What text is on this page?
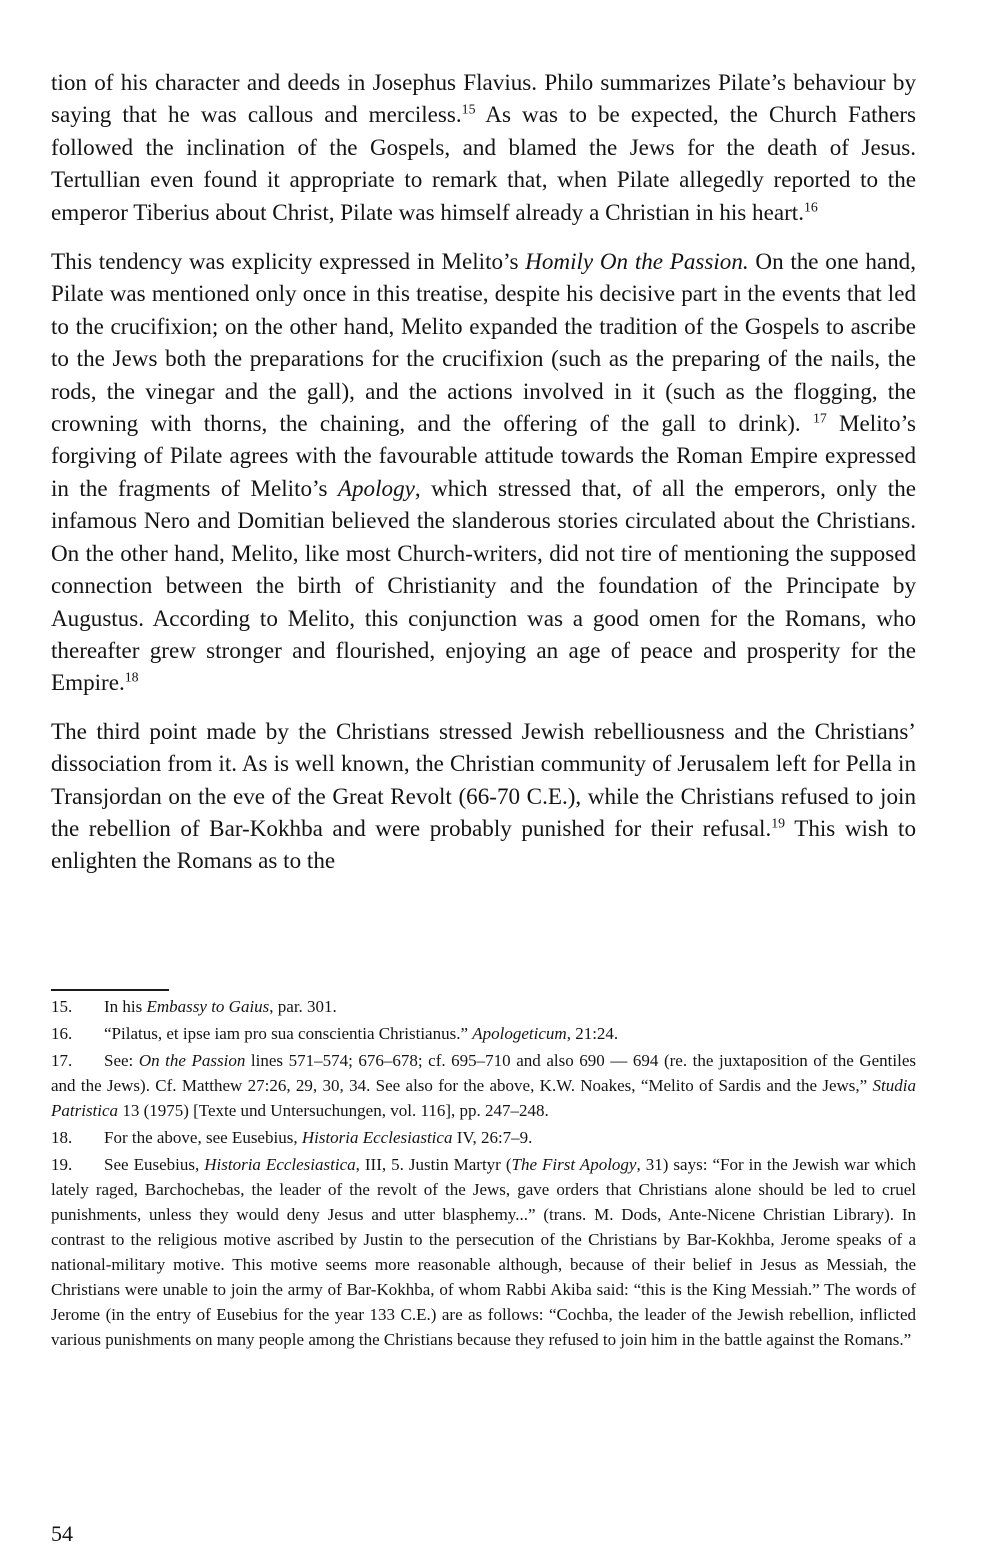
tion of his character and deeds in Josephus Flavius. Philo summarizes Pilate’s behaviour by saying that he was callous and merciless.$^{15}$ As was to be expected, the Church Fathers followed the inclination of the Gospels, and blamed the Jews for the death of Jesus. Tertullian even found it appropriate to remark that, when Pilate allegedly reported to the emperor Tiberius about Christ, Pilate was himself already a Christian in his heart.$^{16}$

This tendency was explicity expressed in Melito’s Homily On the Passion. On the one hand, Pilate was mentioned only once in this treatise, despite his decisive part in the events that led to the crucifixion; on the other hand, Melito expanded the tradition of the Gospels to ascribe to the Jews both the preparations for the crucifixion (such as the preparing of the nails, the rods, the vinegar and the gall), and the actions involved in it (such as the flogging, the crowning with thorns, the chaining, and the offering of the gall to drink). $^{17}$ Melito’s forgiving of Pilate agrees with the favourable attitude towards the Roman Empire expressed in the fragments of Melito’s Apology, which stressed that, of all the emperors, only the infamous Nero and Domitian believed the slanderous stories circulated about the Christians. On the other hand, Melito, like most Church-writers, did not tire of mentioning the supposed connection between the birth of Christianity and the foundation of the Principate by Augustus. According to Melito, this conjunction was a good omen for the Romans, who thereafter grew stronger and flourished, enjoying an age of peace and prosperity for the Empire.$^{18}$

The third point made by the Christians stressed Jewish rebelliousness and the Christians’ dissociation from it. As is well known, the Christian community of Jerusalem left for Pella in Transjordan on the eve of the Great Revolt (66-70 C.E.), while the Christians refused to join the rebellion of Bar-Kokhba and were probably punished for their refusal.$^{19}$ This wish to enlighten the Romans as to the

15. In his Embassy to Gaius, par. 301.
16. “Pilatus, et ipse iam pro sua conscientia Christianus.” Apologeticum, 21:24.
17. See: On the Passion lines 571–574; 676–678; cf. 695–710 and also 690 — 694 (re. the juxtaposition of the Gentiles and the Jews). Cf. Matthew 27:26, 29, 30, 34. See also for the above, K.W. Noakes, “Melito of Sardis and the Jews,” Studia Patristica 13 (1975) [Texte und Untersuchungen, vol. 116], pp. 247–248.
18. For the above, see Eusebius, Historia Ecclesiastica IV, 26:7–9.
19. See Eusebius, Historia Ecclesiastica, III, 5. Justin Martyr (The First Apology, 31) says: “For in the Jewish war which lately raged, Barchochebas, the leader of the revolt of the Jews, gave orders that Christians alone should be led to cruel punishments, unless they would deny Jesus and utter blasphemy...” (trans. M. Dods, Ante-Nicene Christian Library). In contrast to the religious motive ascribed by Justin to the persecution of the Christians by Bar-Kokhba, Jerome speaks of a national-military motive. This motive seems more reasonable although, because of their belief in Jesus as Messiah, the Christians were unable to join the army of Bar-Kokhba, of whom Rabbi Akiba said: “this is the King Messiah.” The words of Jerome (in the entry of Eusebius for the year 133 C.E.) are as follows: “Cochba, the leader of the Jewish rebellion, inflicted various punishments on many people among the Christians because they refused to join him in the battle against the Romans.”
54
